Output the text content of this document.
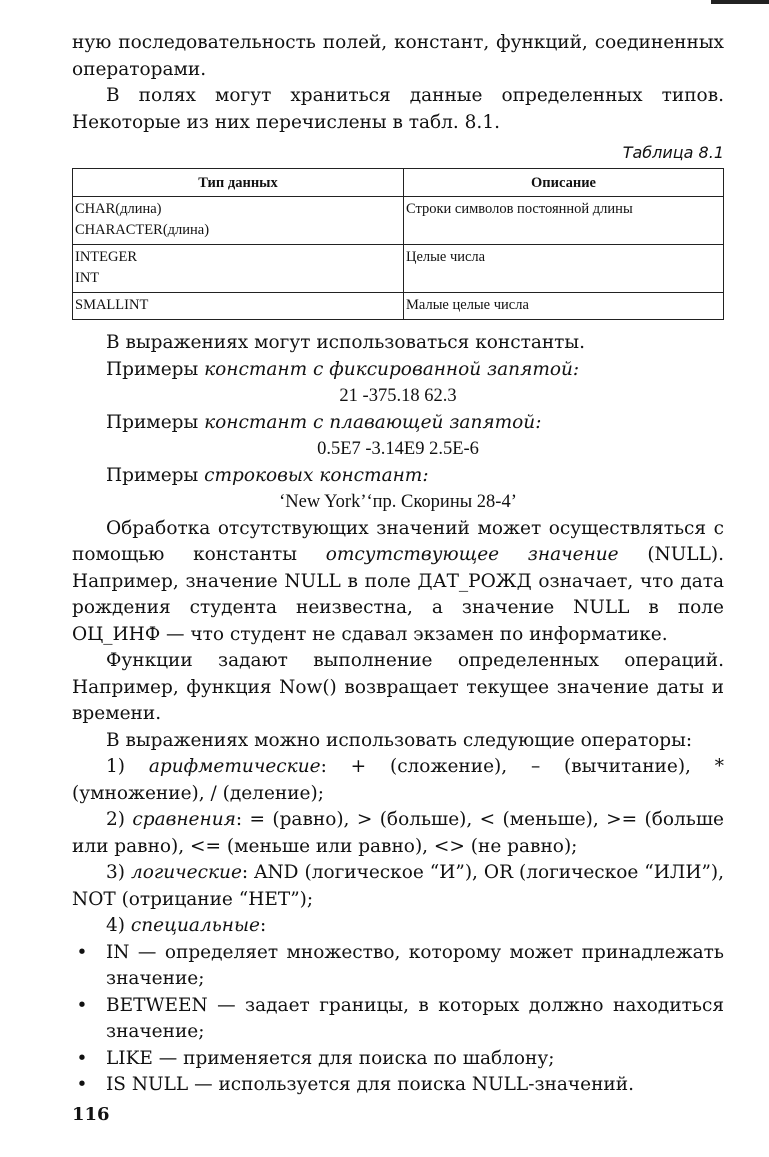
ную последовательность полей, констант, функций, соединенных операторами.

В полях могут храниться данные определенных типов. Некоторые из них перечислены в табл. 8.1.

Таблица 8.1
Тип данных	Описание

CHAR(длина)
CHARACTER(длина)	Строки символов постоянной длины

INTEGER
INT	Целые числа

SMALLINT	Малые целые числа

В выражениях могут использоваться константы.

Примеры констант с фиксированной запятой:

21 -375.18 62.3

Примеры констант с плавающей запятой:

0.5E7 -3.14E9 2.5E-6

Примеры строковых констант:

‘New York’‘пр. Скорины 28-4’

Обработка отсутствующих значений может осуществляться с помощью константы отсутствующее значение (NULL). Например, значение NULL в поле ДАТ_РОЖД означает, что дата рождения студента неизвестна, а значение NULL в поле ОЦ_ИНФ — что студент не сдавал экзамен по информатике.

Функции задают выполнение определенных операций. Например, функция Now() возвращает текущее значение даты и времени.

В выражениях можно использовать следующие операторы:

1) арифметические: + (сложение), – (вычитание), * (умножение), / (деление);

2) сравнения: = (равно), > (больше), < (меньше), >= (больше или равно), <= (меньше или равно), <> (не равно);

3) логические: AND (логическое “И”), OR (логическое “ИЛИ”), NOT (отрицание “НЕТ”);

4) специальные:

• IN — определяет множество, которому может принадлежать значение;
• BETWEEN — задает границы, в которых должно находиться значение;
• LIKE — применяется для поиска по шаблону;
• IS NULL — используется для поиска NULL-значений.
116
